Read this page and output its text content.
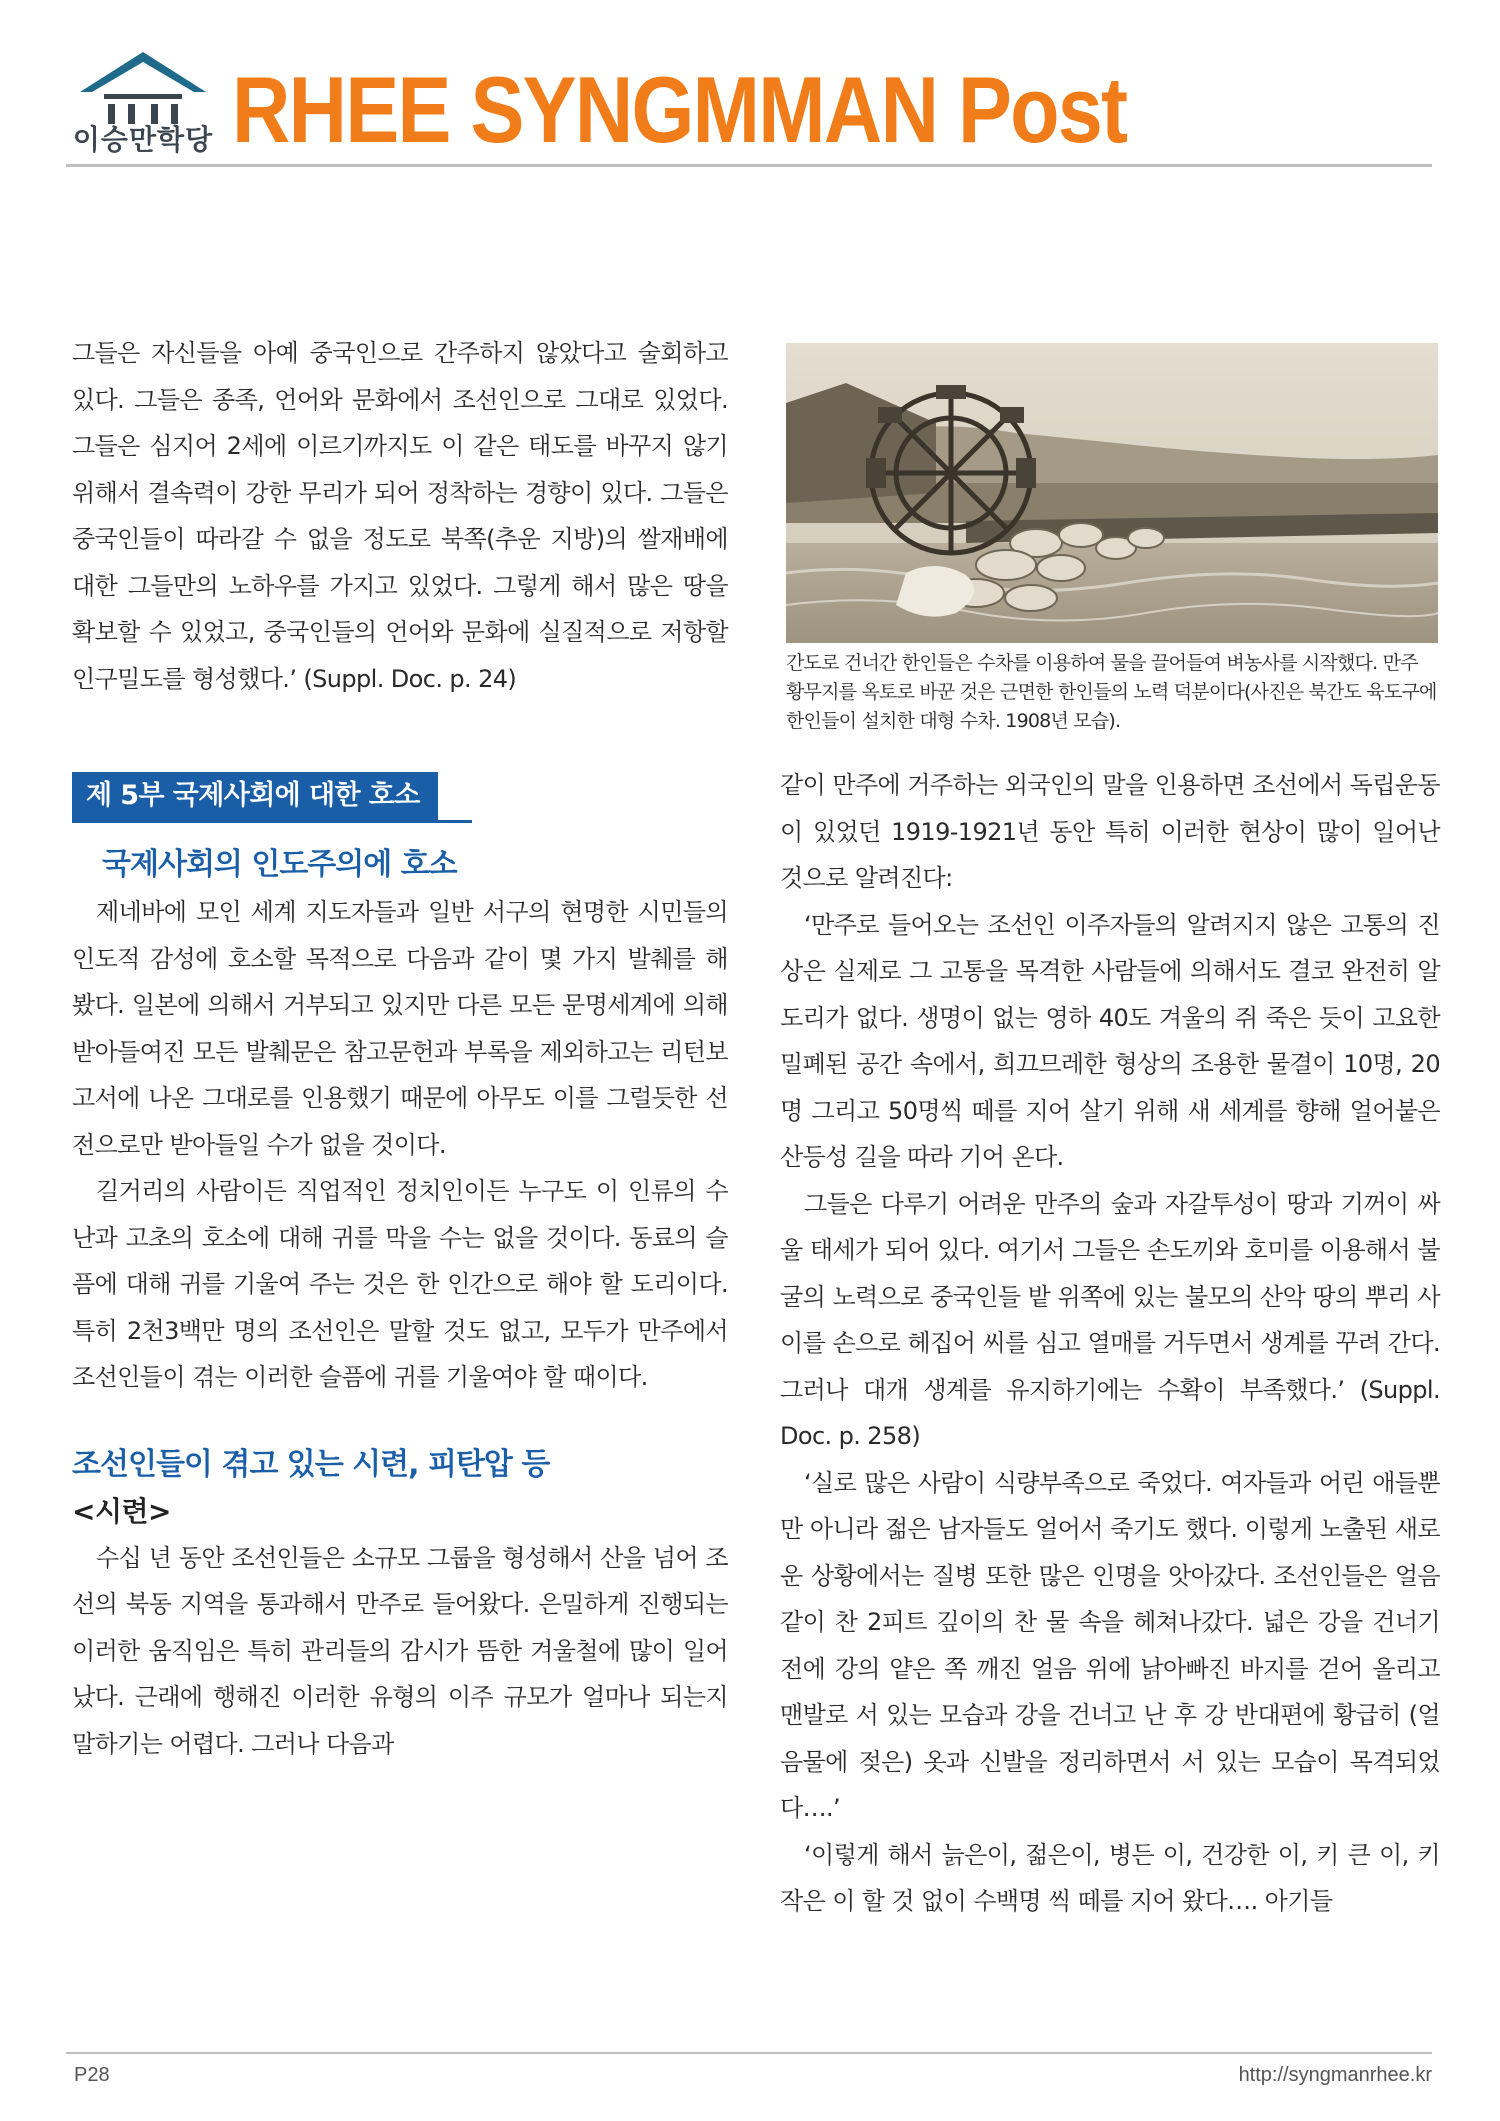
이승만학당 RHEE SYNGMMAN Post

그들은 자신들을 아예 중국인으로 간주하지 않았다고 술회하고 있다. 그들은 종족, 언어와 문화에서 조선인으로 그대로 있었다. 그들은 심지어 2세에 이르기까지도 이 같은 태도를 바꾸지 않기 위해서 결속력이 강한 무리가 되어 정착하는 경향이 있다. 그들은 중국인들이 따라갈 수 없을 정도로 북쪽(추운 지방)의 쌀재배에 대한 그들만의 노하우를 가지고 있었다. 그렇게 해서 많은 땅을 확보할 수 있었고, 중국인들의 언어와 문화에 실질적으로 저항할 인구밀도를 형성했다.’ (Suppl. Doc. p. 24)

제 5부 국제사회에 대한 호소
국제사회의 인도주의에 호소

제네바에 모인 세계 지도자들과 일반 서구의 현명한 시민들의 인도적 감성에 호소할 목적으로 다음과 같이 몇 가지 발췌를 해 봤다. 일본에 의해서 거부되고 있지만 다른 모든 문명세계에 의해 받아들여진 모든 발췌문은 참고문헌과 부록을 제외하고는 리턴보고서에 나온 그대로를 인용했기 때문에 아무도 이를 그럴듯한 선전으로만 받아들일 수가 없을 것이다.

길거리의 사람이든 직업적인 정치인이든 누구도 이 인류의 수난과 고초의 호소에 대해 귀를 막을 수는 없을 것이다. 동료의 슬픔에 대해 귀를 기울여 주는 것은 한 인간으로 해야 할 도리이다. 특히 2천3백만 명의 조선인은 말할 것도 없고, 모두가 만주에서 조선인들이 겪는 이러한 슬픔에 귀를 기울여야 할 때이다.

조선인들이 겪고 있는 시련, 피탄압 등
<시련>

수십 년 동안 조선인들은 소규모 그룹을 형성해서 산을 넘어 조선의 북동 지역을 통과해서 만주로 들어왔다. 은밀하게 진행되는 이러한 움직임은 특히 관리들의 감시가 뜸한 겨울철에 많이 일어났다. 근래에 행해진 이러한 유형의 이주 규모가 얼마나 되는지 말하기는 어렵다. 그러나 다음과

간도로 건너간 한인들은 수차를 이용하여 물을 끌어들여 벼농사를 시작했다. 만주 황무지를 옥토로 바꾼 것은 근면한 한인들의 노력 덕분이다(사진은 북간도 육도구에 한인들이 설치한 대형 수차. 1908년 모습).

같이 만주에 거주하는 외국인의 말을 인용하면 조선에서 독립운동이 있었던 1919-1921년 동안 특히 이러한 현상이 많이 일어난 것으로 알려진다:

‘만주로 들어오는 조선인 이주자들의 알려지지 않은 고통의 진상은 실제로 그 고통을 목격한 사람들에 의해서도 결코 완전히 알 도리가 없다. 생명이 없는 영하 40도 겨울의 쥐 죽은 듯이 고요한 밀폐된 공간 속에서, 희끄므레한 형상의 조용한 물결이 10명, 20명 그리고 50명씩 떼를 지어 살기 위해 새 세계를 향해 얼어붙은 산등성 길을 따라 기어 온다.

그들은 다루기 어려운 만주의 숲과 자갈투성이 땅과 기꺼이 싸울 태세가 되어 있다. 여기서 그들은 손도끼와 호미를 이용해서 불굴의 노력으로 중국인들 밭 위쪽에 있는 불모의 산악 땅의 뿌리 사이를 손으로 헤집어 씨를 심고 열매를 거두면서 생계를 꾸려 간다. 그러나 대개 생계를 유지하기에는 수확이 부족했다.’ (Suppl. Doc. p. 258)

‘실로 많은 사람이 식량부족으로 죽었다. 여자들과 어린 애들뿐만 아니라 젊은 남자들도 얼어서 죽기도 했다. 이렇게 노출된 새로운 상황에서는 질병 또한 많은 인명을 앗아갔다. 조선인들은 얼음같이 찬 2피트 깊이의 찬 물 속을 헤쳐나갔다. 넓은 강을 건너기 전에 강의 얕은 쪽 깨진 얼음 위에 낡아빠진 바지를 걷어 올리고 맨발로 서 있는 모습과 강을 건너고 난 후 강 반대편에 황급히 (얼음물에 젖은) 옷과 신발을 정리하면서 서 있는 모습이 목격되었다….’

‘이렇게 해서 늙은이, 젊은이, 병든 이, 건강한 이, 키 큰 이, 키 작은 이 할 것 없이 수백명 씩 떼를 지어 왔다…. 아기들

P28	http://syngmanrhee.kr
